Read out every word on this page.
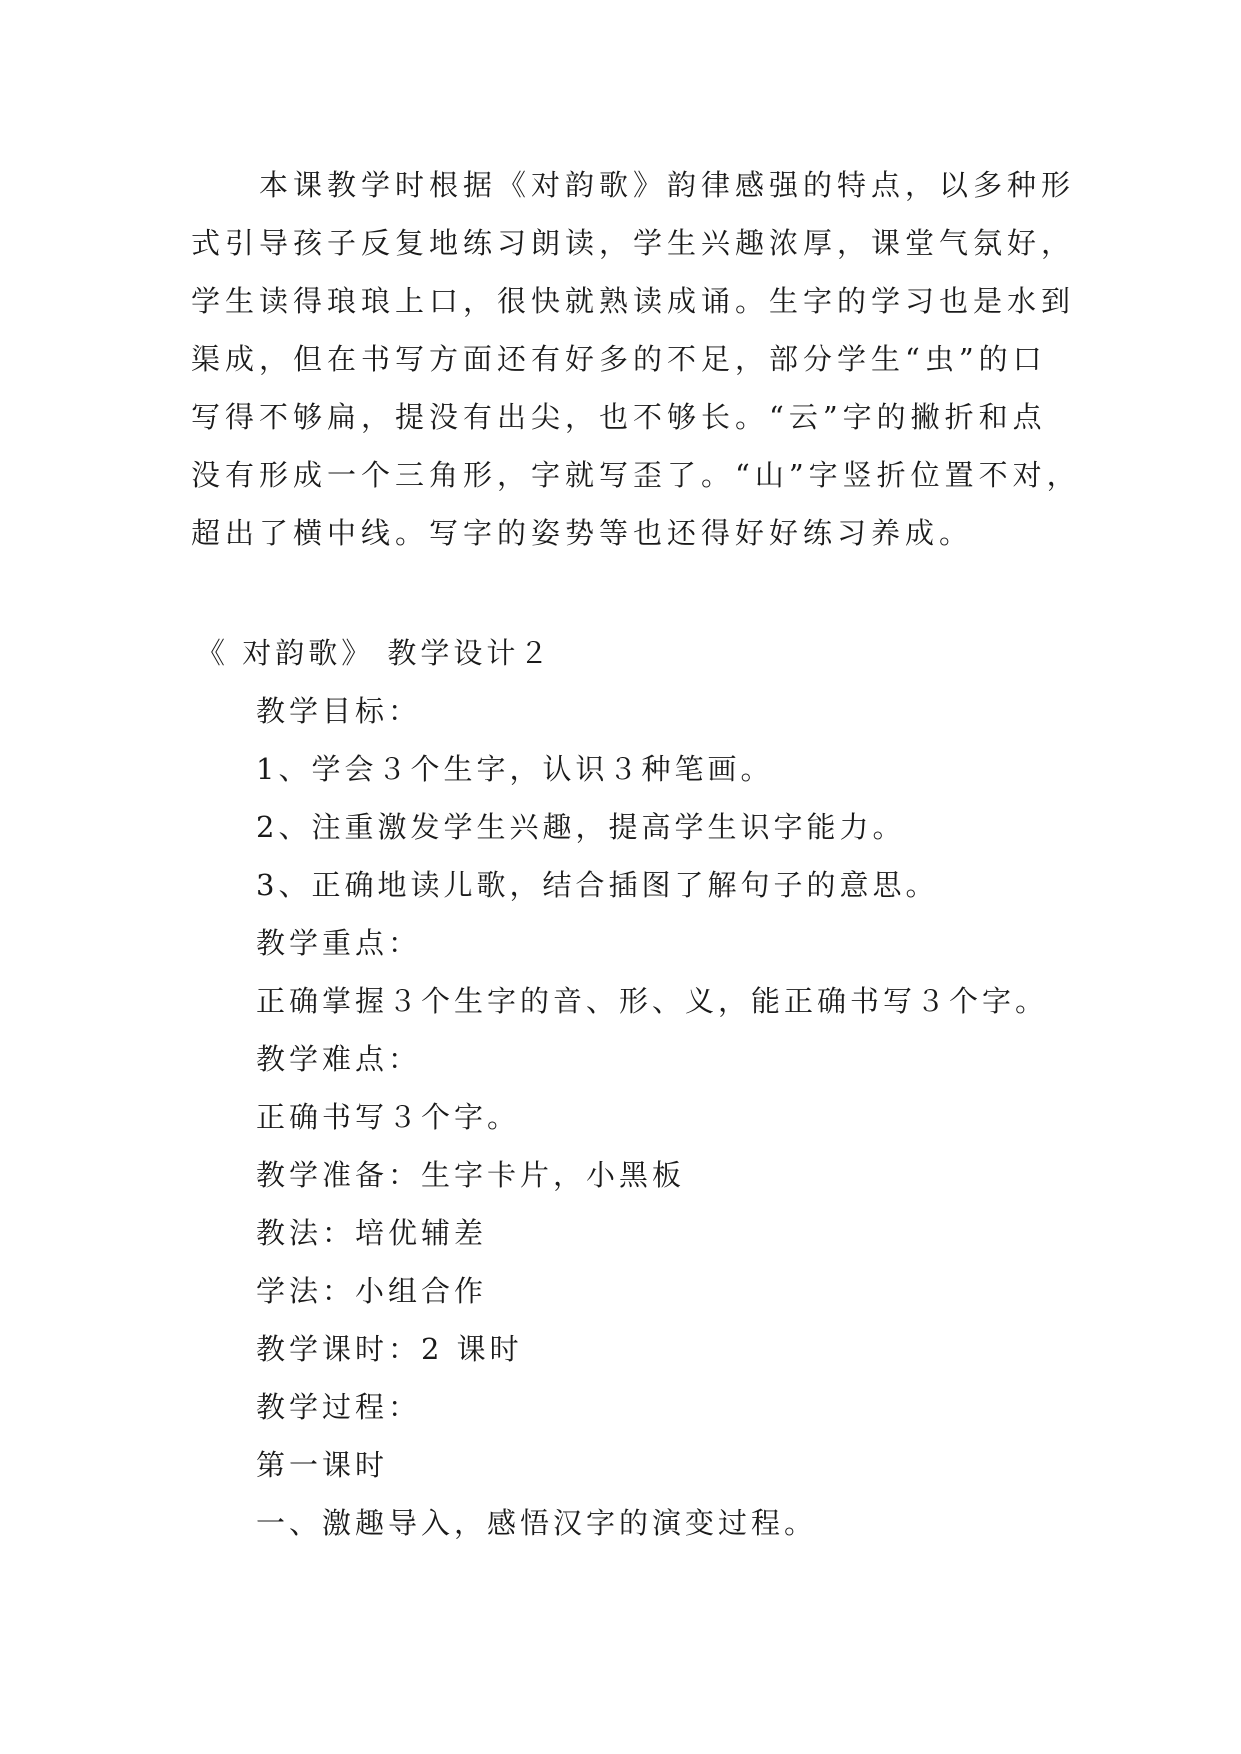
　　本课教学时根据《对韵歌》韵律感强的特点，以多种形
式引导孩子反复地练习朗读，学生兴趣浓厚，课堂气氛好，
学生读得琅琅上口，很快就熟读成诵。生字的学习也是水到
渠成，但在书写方面还有好多的不足，部分学生“虫”的口
写得不够扁，提没有出尖，也不够长。“云”字的撇折和点
没有形成一个三角形，字就写歪了。“山”字竖折位置不对，
超出了横中线。写字的姿势等也还得好好练习养成。
《 对韵歌》 教学设计２
教学目标：
1、学会３个生字，认识３种笔画。
2、注重激发学生兴趣，提高学生识字能力。
3、正确地读儿歌，结合插图了解句子的意思。
教学重点：
正确掌握３个生字的音、形、义，能正确书写３个字。
教学难点：
正确书写３个字。
教学准备：生字卡片，小黑板
教法：培优辅差
学法：小组合作
教学课时：2 课时
教学过程：
第一课时
一、激趣导入，感悟汉字的演变过程。
